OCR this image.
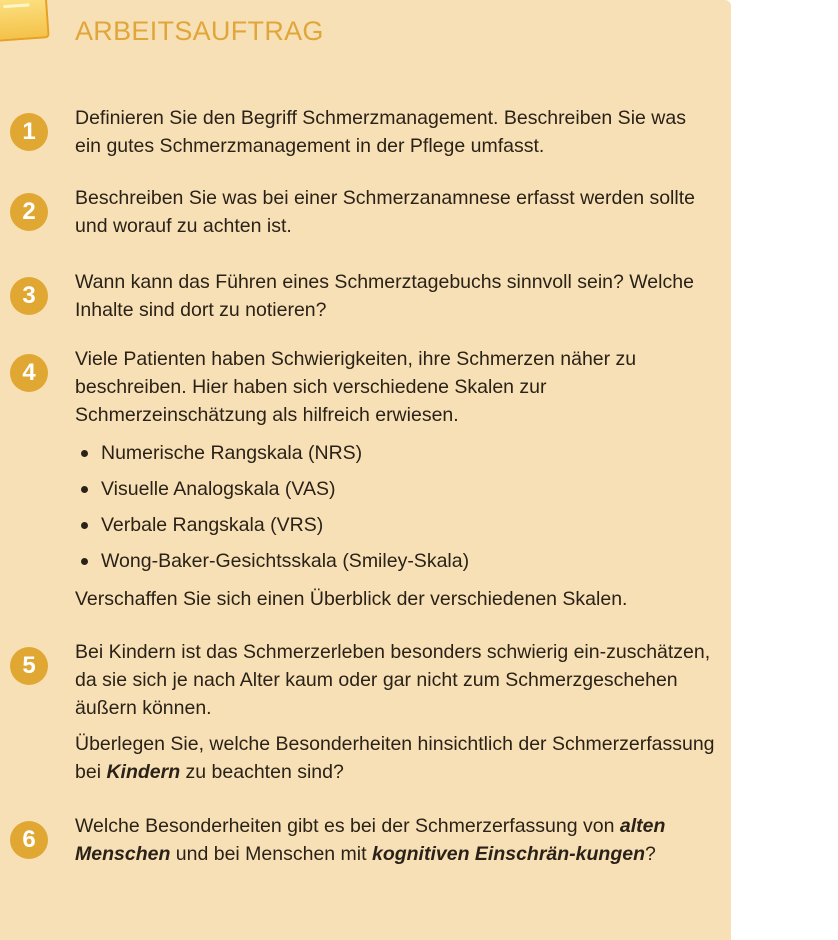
ARBEITSAUFTRAG
1	Definieren Sie den Begriff Schmerzmanagement. Beschreiben Sie was ein gutes Schmerzmanagement in der Pflege umfasst.

2	Beschreiben Sie was bei einer Schmerzanamnese erfasst werden sollte und worauf zu achten ist.

3	Wann kann das Führen eines Schmerztagebuchs sinnvoll sein? Welche Inhalte sind dort zu notieren?

4	Viele Patienten haben Schwierigkeiten, ihre Schmerzen näher zu beschreiben. Hier haben sich verschiedene Skalen zur Schmerzeinschätzung als hilfreich erwiesen.

Numerische Rangskala (NRS)
Visuelle Analogskala (VAS)
Verbale Rangskala (VRS)
Wong-Baker-Gesichtsskala (Smiley-Skala)

Verschaffen Sie sich einen Überblick der verschiedenen Skalen.

5	Bei Kindern ist das Schmerzerleben besonders schwierig ein-zuschätzen, da sie sich je nach Alter kaum oder gar nicht zum Schmerzgeschehen äußern können.

Überlegen Sie, welche Besonderheiten hinsichtlich der Schmerzerfassung bei Kindern zu beachten sind?

6	Welche Besonderheiten gibt es bei der Schmerzerfassung von alten Menschen und bei Menschen mit kognitiven Einschrän-kungen?
